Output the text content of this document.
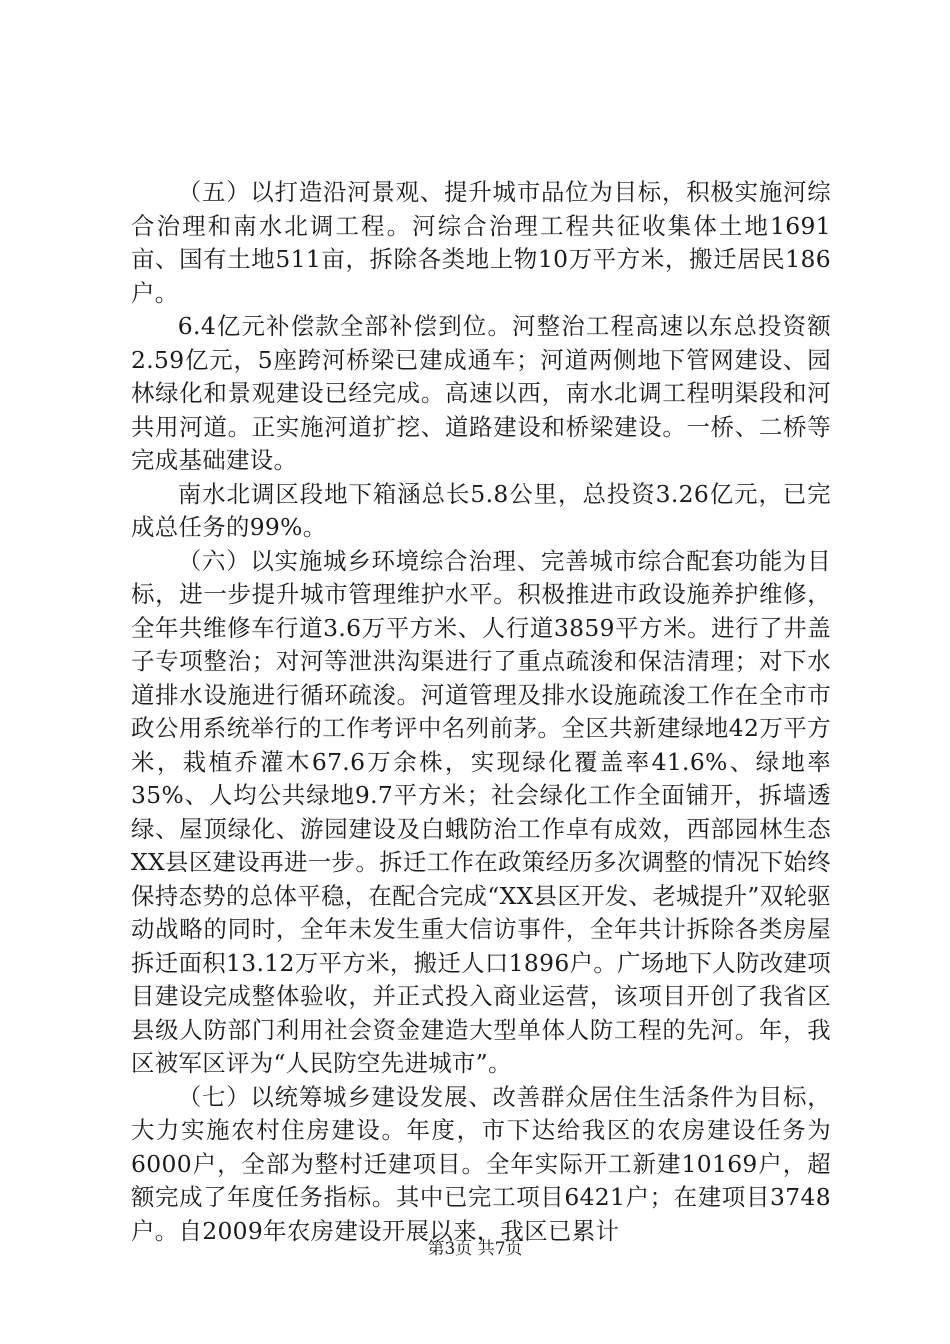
（五）以打造沿河景观、提升城市品位为目标，积极实施河综合治理和南水北调工程。河综合治理工程共征收集体土地1691亩、国有土地511亩，拆除各类地上物10万平方米，搬迁居民186户。

6.4亿元补偿款全部补偿到位。河整治工程高速以东总投资额2.59亿元，5座跨河桥梁已建成通车；河道两侧地下管网建设、园林绿化和景观建设已经完成。高速以西，南水北调工程明渠段和河共用河道。正实施河道扩挖、道路建设和桥梁建设。一桥、二桥等完成基础建设。

南水北调区段地下箱涵总长5.8公里，总投资3.26亿元，已完成总任务的99%。

（六）以实施城乡环境综合治理、完善城市综合配套功能为目标，进一步提升城市管理维护水平。积极推进市政设施养护维修，全年共维修车行道3.6万平方米、人行道3859平方米。进行了井盖子专项整治；对河等泄洪沟渠进行了重点疏浚和保洁清理；对下水道排水设施进行循环疏浚。河道管理及排水设施疏浚工作在全市市政公用系统举行的工作考评中名列前茅。全区共新建绿地42万平方米，栽植乔灌木67.6万余株，实现绿化覆盖率41.6%、绿地率35%、人均公共绿地9.7平方米；社会绿化工作全面铺开，拆墙透绿、屋顶绿化、游园建设及白蛾防治工作卓有成效，西部园林生态XX县区建设再进一步。拆迁工作在政策经历多次调整的情况下始终保持态势的总体平稳，在配合完成“XX县区开发、老城提升”双轮驱动战略的同时，全年未发生重大信访事件，全年共计拆除各类房屋拆迁面积13.12万平方米，搬迁人口1896户。广场地下人防改建项目建设完成整体验收，并正式投入商业运营，该项目开创了我省区县级人防部门利用社会资金建造大型单体人防工程的先河。年，我区被军区评为“人民防空先进城市”。

（七）以统筹城乡建设发展、改善群众居住生活条件为目标，大力实施农村住房建设。年度，市下达给我区的农房建设任务为6000户，全部为整村迁建项目。全年实际开工新建10169户，超额完成了年度任务指标。其中已完工项目6421户；在建项目3748户。自2009年农房建设开展以来，我区已累计

第3页 共7页
